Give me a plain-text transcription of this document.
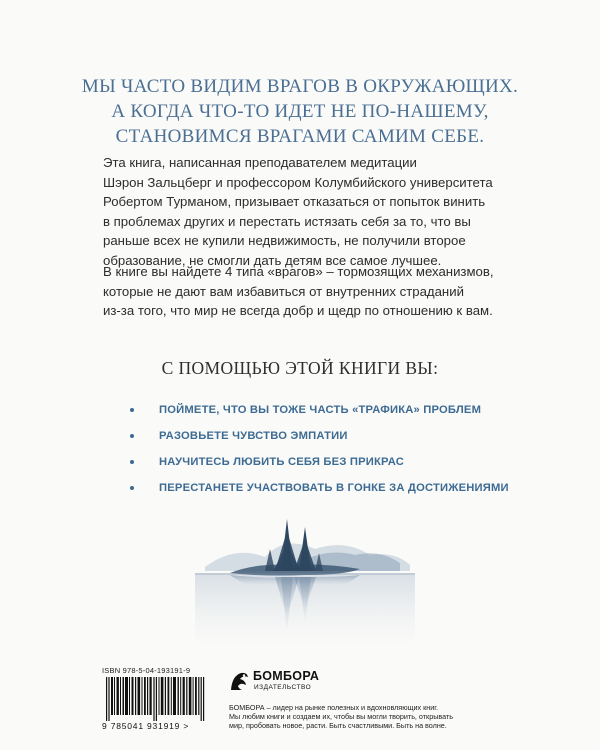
МЫ ЧАСТО ВИДИМ ВРАГОВ В ОКРУЖАЮЩИХ.
А КОГДА ЧТО-ТО ИДЕТ НЕ ПО-НАШЕМУ,
СТАНОВИМСЯ ВРАГАМИ САМИМ СЕБЕ.
Эта книга, написанная преподавателем медитации
Шэрон Зальцберг и профессором Колумбийского университета
Робертом Турманом, призывает отказаться от попыток винить
в проблемах других и перестать истязать себя за то, что вы
раньше всех не купили недвижимость, не получили второе
образование, не смогли дать детям все самое лучшее.
В книге вы найдете 4 типа «врагов» – тормозящих механизмов,
которые не дают вам избавиться от внутренних страданий
из-за того, что мир не всегда добр и щедр по отношению к вам.
С ПОМОЩЬЮ ЭТОЙ КНИГИ ВЫ:
ПОЙМЕТЕ, ЧТО ВЫ ТОЖЕ ЧАСТЬ «ТРАФИКА» ПРОБЛЕМ
РАЗОВЬЕТЕ ЧУВСТВО ЭМПАТИИ
НАУЧИТЕСЬ ЛЮБИТЬ СЕБЯ БЕЗ ПРИКРАС
ПЕРЕСТАНЕТЕ УЧАСТВОВАТЬ В ГОНКЕ ЗА ДОСТИЖЕНИЯМИ
ISBN 978-5-04-193191-9
9 785041 931919 >
БОМБОРА
ИЗДАТЕЛЬСТВО
БОМБОРА – лидер на рынке полезных и вдохновляющих книг.
Мы любим книги и создаем их, чтобы вы могли творить, открывать
мир, пробовать новое, расти. Быть счастливыми. Быть на волне.
